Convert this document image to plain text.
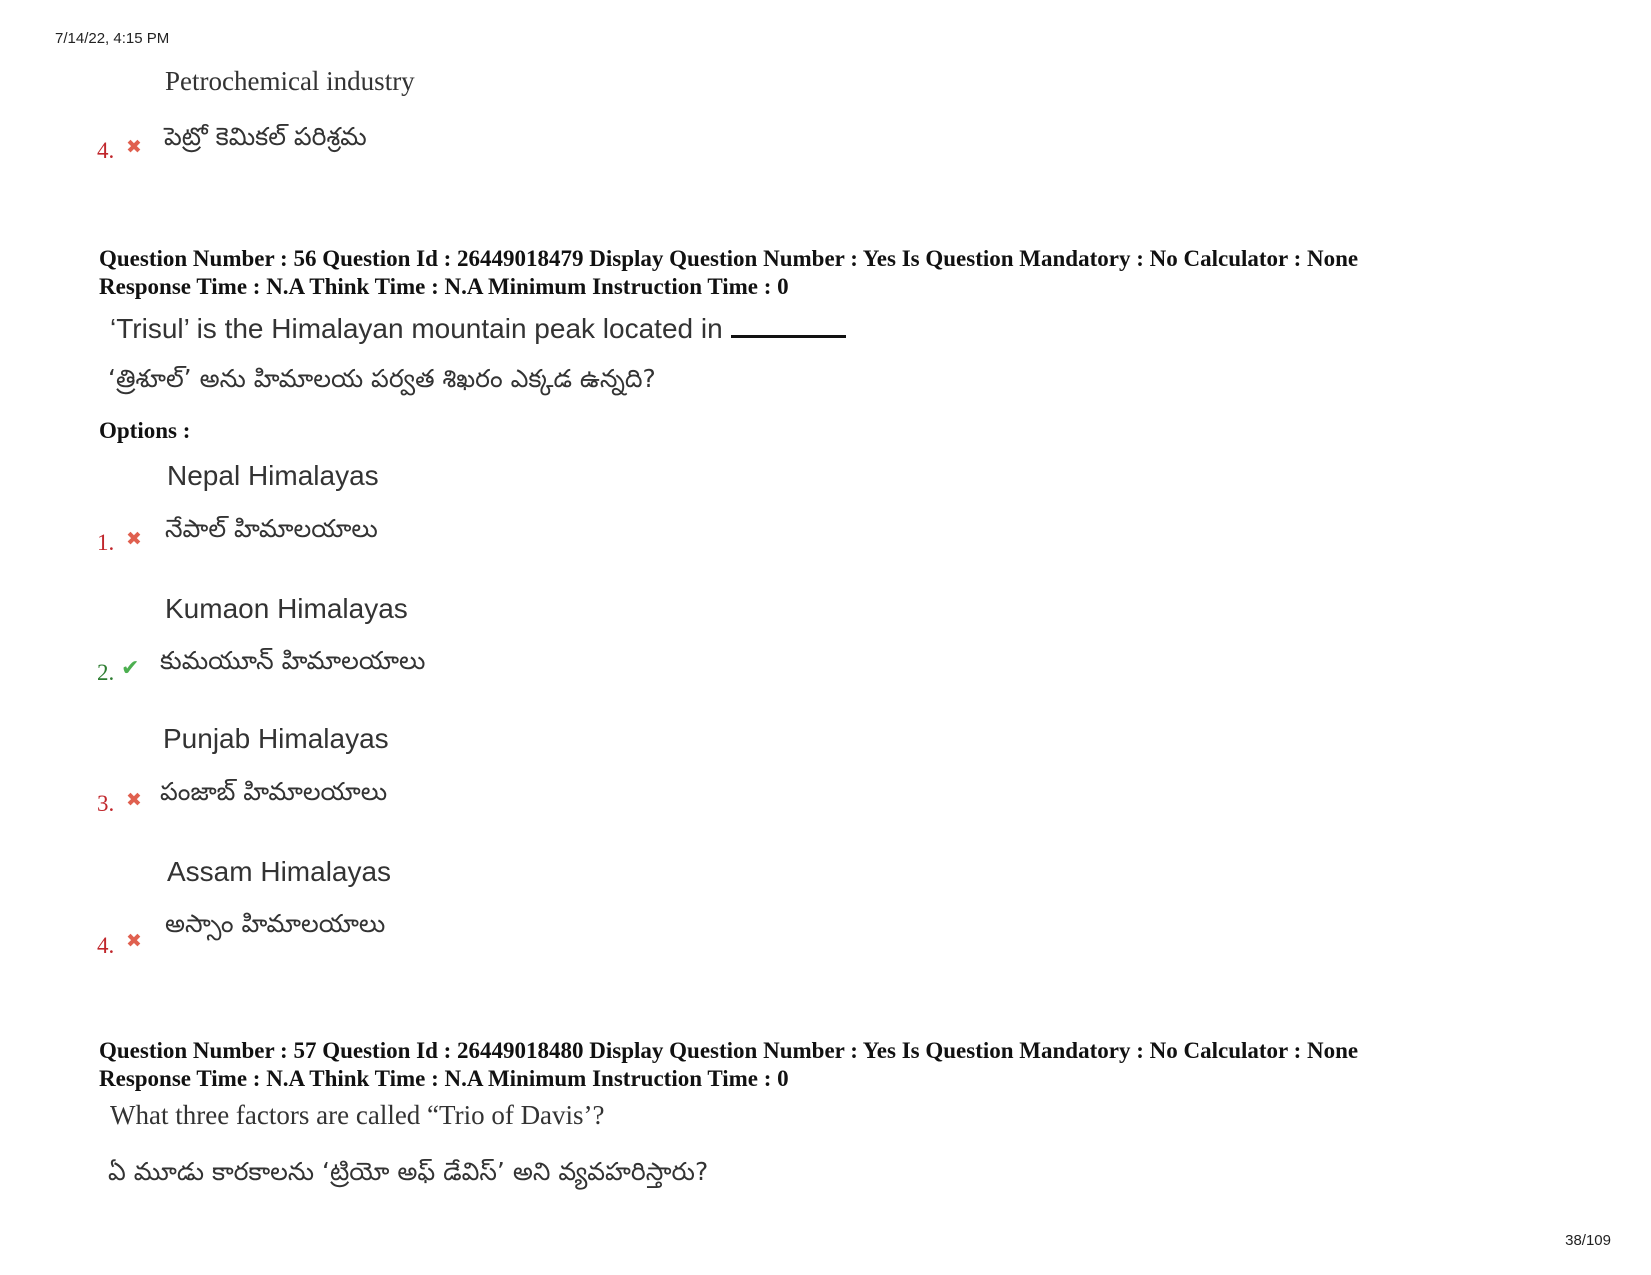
7/14/22, 4:15 PM
38/109
Petrochemical industry
4. ✖ పెట్రో కెమికల్ పరిశ్రమ
Question Number : 56 Question Id : 26449018479 Display Question Number : Yes Is Question Mandatory : No Calculator : None
Response Time : N.A Think Time : N.A Minimum Instruction Time : 0
‘Trisul’ is the Himalayan mountain peak located in
‘త్రిశూల్’ అను హిమాలయ పర్వత శిఖరం ఎక్కడ ఉన్నది?
Options :
Nepal Himalayas
1. ✖ నేపాల్ హిమాలయాలు
Kumaon Himalayas
2. ✔ కుమయూన్ హిమాలయాలు
Punjab Himalayas
3. ✖ పంజాబ్ హిమాలయాలు
Assam Himalayas
4. ✖
అస్సాం హిమాలయాలు
Question Number : 57 Question Id : 26449018480 Display Question Number : Yes Is Question Mandatory : No Calculator : None
Response Time : N.A Think Time : N.A Minimum Instruction Time : 0
What three factors are called “Trio of Davis’?
ఏ మూడు కారకాలను ‘ట్రియో అఫ్ డేవిస్’ అని వ్యవహరిస్తారు?
